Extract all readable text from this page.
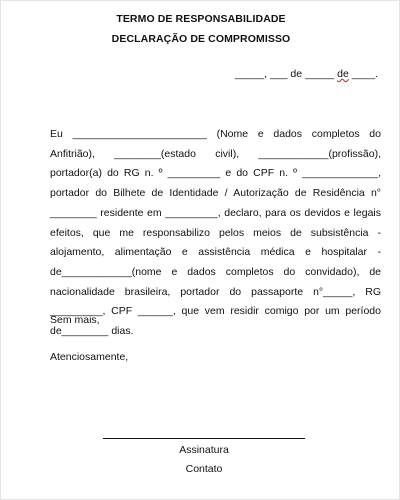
TERMO DE RESPONSABILIDADE
DECLARAÇÃO DE COMPROMISSO
_____, ___ de _____ de ____.

Eu _______________________ (Nome e dados completos do Anfitrião), ________(estado civil), ____________(profissão), portador(a) do RG n. º _________ e do CPF n. º _____________, portador do Bilhete de Identidade / Autorização de Residência n° ________ residente em _________, declaro, para os devidos e legais efeitos, que me responsabilizo pelos meios de subsistência - alojamento, alimentação e assistência médica e hospitalar - de____________(nome e dados completos do convidado), de nacionalidade brasileira, portador do passaporte n°_____, RG _________, CPF ______, que vem residir comigo por um período de________ dias.

Sem mais,
Atenciosamente,
Assinatura
Contato
